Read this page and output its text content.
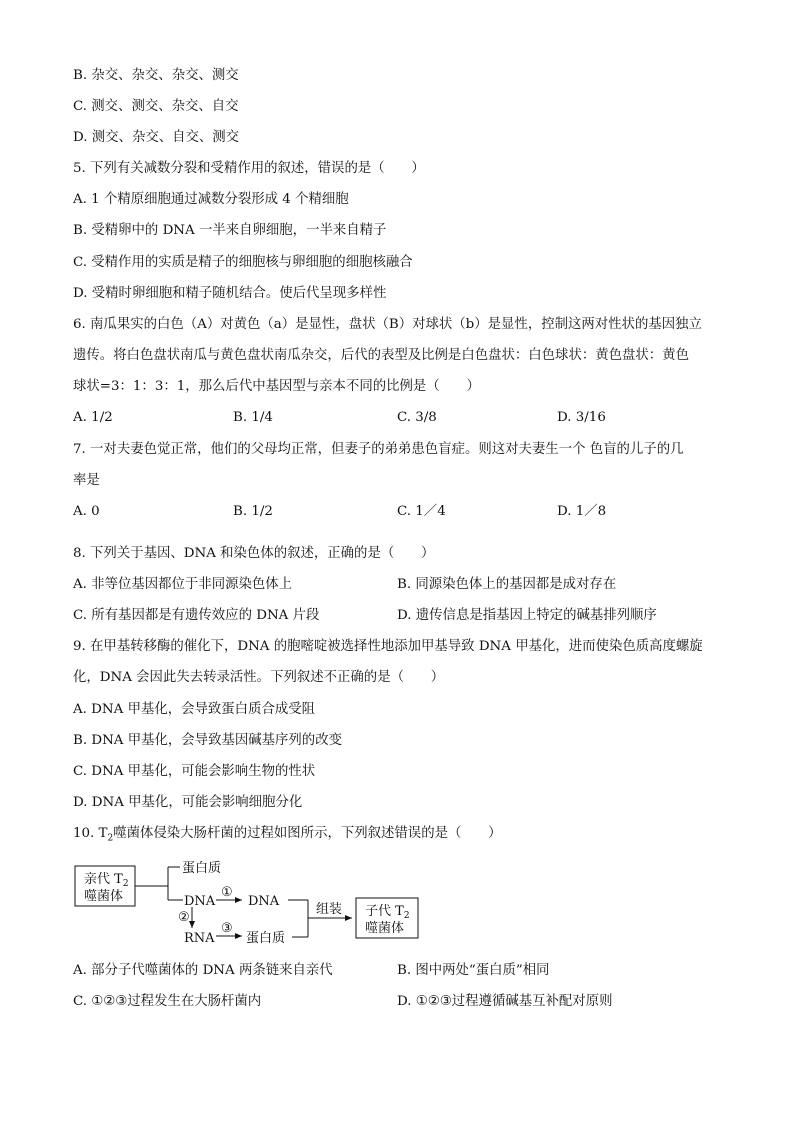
B. 杂交、杂交、杂交、测交
C. 测交、测交、杂交、自交
D. 测交、杂交、自交、测交
5. 下列有关减数分裂和受精作用的叙述，错误的是（　　）
A. 1 个精原细胞通过减数分裂形成 4 个精细胞
B. 受精卵中的 DNA 一半来自卵细胞，一半来自精子
C. 受精作用的实质是精子的细胞核与卵细胞的细胞核融合
D. 受精时卵细胞和精子随机结合。使后代呈现多样性
6. 南瓜果实的白色（A）对黄色（a）是显性，盘状（B）对球状（b）是显性，控制这两对性状的基因独立
遗传。将白色盘状南瓜与黄色盘状南瓜杂交，后代的表型及比例是白色盘状：白色球状：黄色盘状：黄色
球状=3：1：3：1，那么后代中基因型与亲本不同的比例是（　　）
A. 1/2	B. 1/4	C. 3/8	D. 3/16
7. 一对夫妻色觉正常，他们的父母均正常，但妻子的弟弟患色盲症。则这对夫妻生一个 色盲的儿子的几
率是
A. 0	B. 1/2	C. 1／4	D. 1／8
8. 下列关于基因、DNA 和染色体的叙述，正确的是（　　）
A. 非等位基因都位于非同源染色体上	B. 同源染色体上的基因都是成对存在
C. 所有基因都是有遗传效应的 DNA 片段	D. 遗传信息是指基因上特定的碱基排列顺序
9. 在甲基转移酶的催化下，DNA 的胞嘧啶被选择性地添加甲基导致 DNA 甲基化，进而使染色质高度螺旋
化，DNA 会因此失去转录活性。下列叙述不正确的是（　　）
A. DNA 甲基化，会导致蛋白质合成受阻
B. DNA 甲基化，会导致基因碱基序列的改变
C. DNA 甲基化，可能会影响生物的性状
D. DNA 甲基化，可能会影响细胞分化
10. $T_2$噬菌体侵染大肠杆菌的过程如图所示，下列叙述错误的是（　　）
亲代 $T_2$
噬菌体
蛋白质
DNA
①
DNA
②
RNA
③
蛋白质
组装 子代 $T_2$
噬菌体
A. 部分子代噬菌体的 DNA 两条链来自亲代	B. 图中两处“蛋白质”相同
C. ①②③过程发生在大肠杆菌内	D. ①②③过程遵循碱基互补配对原则
